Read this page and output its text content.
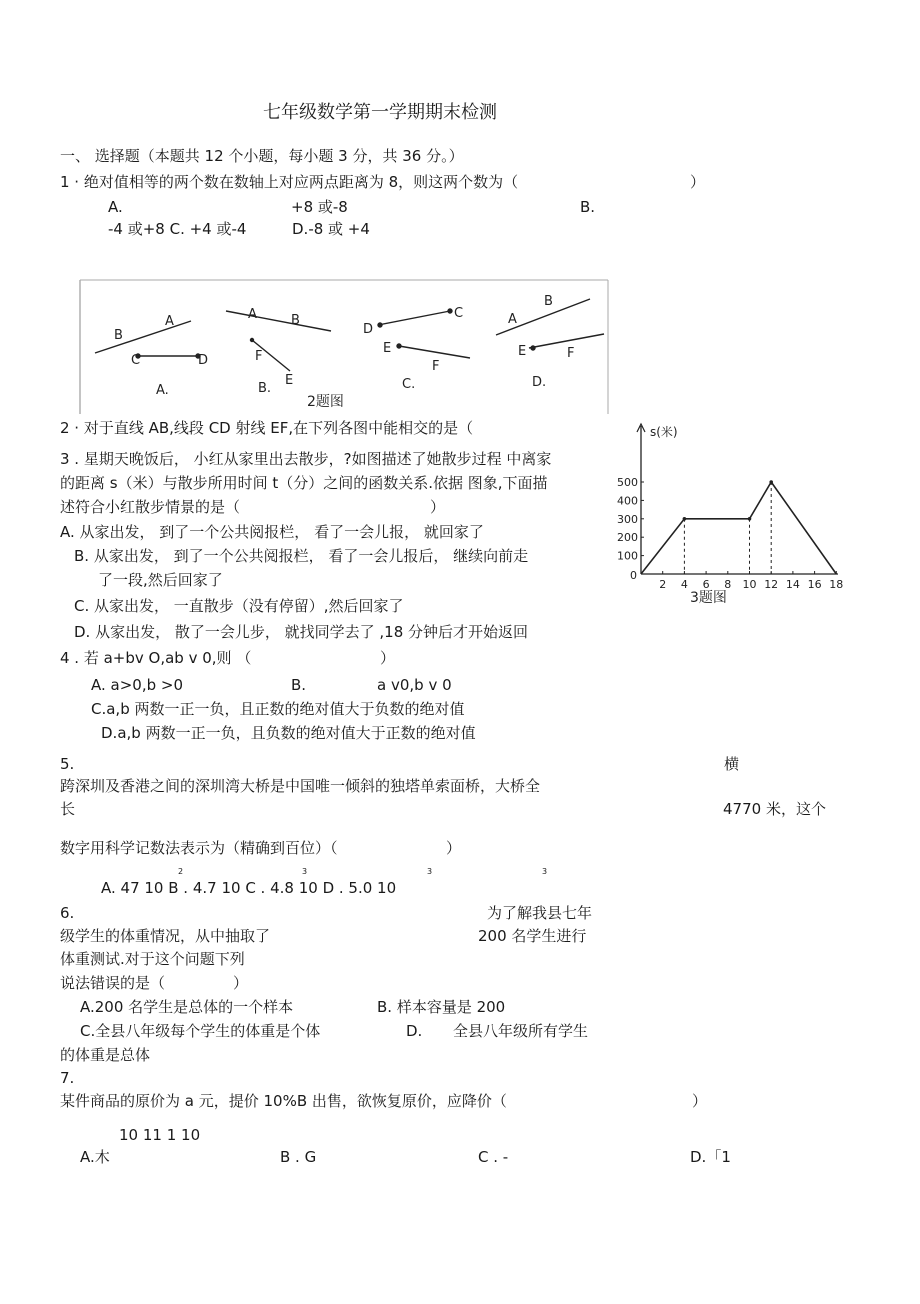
七年级数学第一学期期末检测
一、 选择题（本题共 12 个小题，每小题 3 分，共 36 分。）
1 · 绝对值相等的两个数在数轴上对应两点距离为 8，则这两个数为（	）
A.	+8 或-8	B.
-4 或+8 C. +4 或-4	D.-8 或 +4
B
A
C	D
A.
A	B
F
E
B.
D
C
E
F
C.
A
B
E	F
D.
2题图
2 · 对于直线 AB,线段 CD 射线 EF,在下列各图中能相交的是（
3 . 星期天晚饭后， 小红从家里出去散步，?如图描述了她散步过程 中离家
的距离 s（米）与散步所用时间 t（分）之间的函数关系.依据 图象,下面描
述符合小红散步情景的是（	）
A. 从家出发， 到了一个公共阅报栏， 看了一会儿报， 就回家了
B. 从家出发， 到了一个公共阅报栏， 看了一会儿报后， 继续向前走
了一段,然后回家了
C. 从家出发， 一直散步（没有停留）,然后回家了
D. 从家出发， 散了一会儿步， 就找同学去了 ,18 分钟后才开始返回
s(米)
0
2 4 6 8 10 12 14 16 18
100
200
300
400
500
3题图
4 . 若 a+bv O,ab v 0,则 （	）
A. a>0,b >0	B.	a v0,b v 0
C.a,b 两数一正一负，且正数的绝对值大于负数的绝对值
D.a,b 两数一正一负，且负数的绝对值大于正数的绝对值
5.	横
跨深圳及香港之间的深圳湾大桥是中国唯一倾斜的独塔单索面桥，大桥全
长	4770 米，这个
数字用科学记数法表示为（精确到百位）（	）
2	3	3	3
A. 47 10 B . 4.7 10 C . 4.8 10 D . 5.0 10
6.	为了解我县七年
级学生的体重情况，从中抽取了	200 名学生进行
体重测试.对于这个问题下列
说法错误的是（	）
A.200 名学生是总体的一个样本	B. 样本容量是 200
C.全县八年级每个学生的体重是个体	D. 全县八年级所有学生
的体重是总体
7.
某件商品的原价为 a 元，提价 10%B 出售，欲恢复原价，应降价（	）
10 11 1 10
A.木	B . G	C . -	D.「1
